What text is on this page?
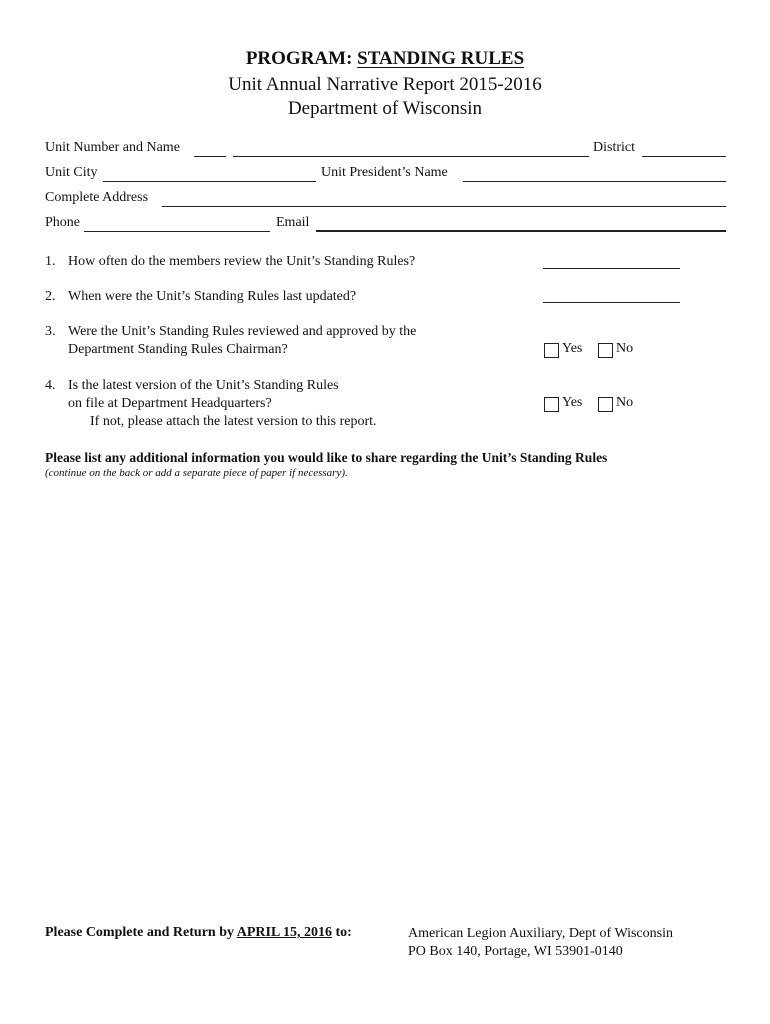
PROGRAM: STANDING RULES
Unit Annual Narrative Report 2015-2016
Department of Wisconsin
Unit Number and Name	District
Unit City	Unit President’s Name
Complete Address
Phone	Email
1. How often do the members review the Unit’s Standing Rules?
2. When were the Unit’s Standing Rules last updated?
3. Were the Unit’s Standing Rules reviewed and approved by the
Department Standing Rules Chairman?	Yes No
4. Is the latest version of the Unit’s Standing Rules
on file at Department Headquarters?
If not, please attach the latest version to this report.
Yes No
Please list any additional information you would like to share regarding the Unit’s Standing Rules
(continue on the back or add a separate piece of paper if necessary).
Please Complete and Return by APRIL 15, 2016 to:	American Legion Auxiliary, Dept of Wisconsin
PO Box 140, Portage, WI 53901-0140
